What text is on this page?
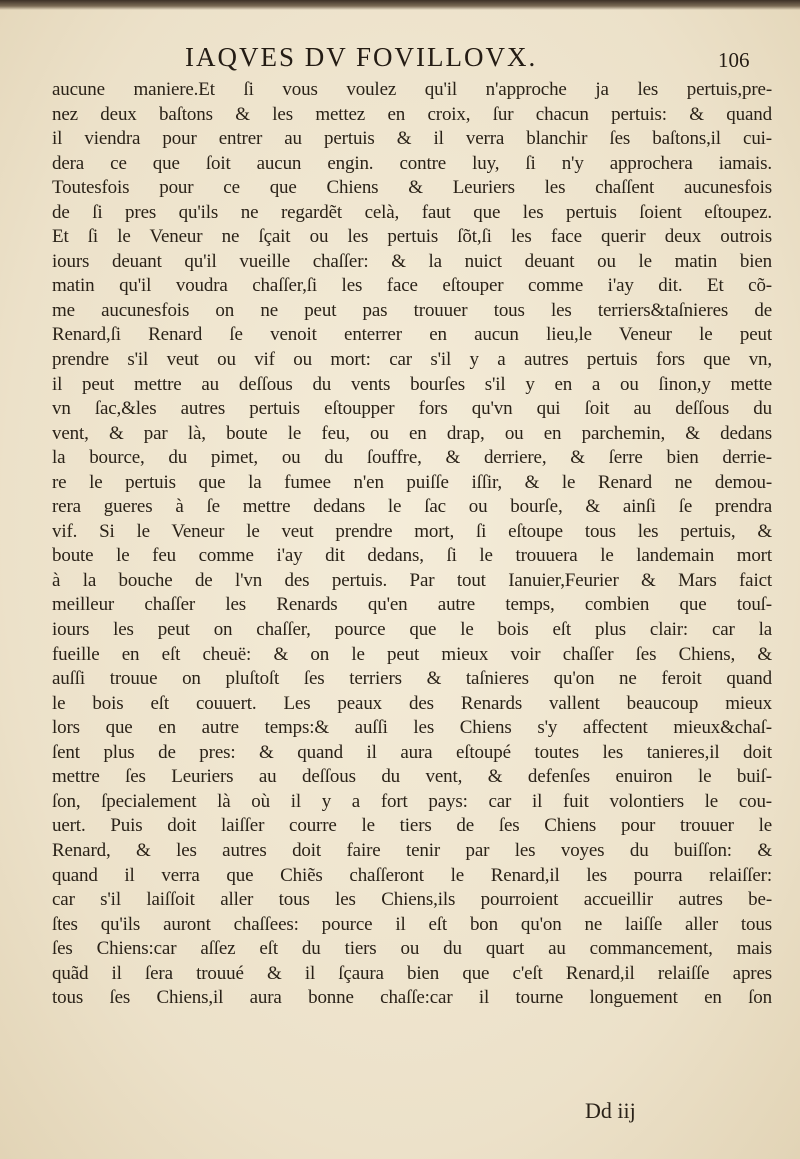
IAQVES DV FOVILLOVX.	106
aucune maniere.Et ſi vous voulez qu'il n'approche ja les pertuis,pre-
nez deux baſtons & les mettez en croix, ſur chacun pertuis: & quand
il viendra pour entrer au pertuis & il verra blanchir ſes baſtons,il cui-
dera ce que ſoit aucun engin. contre luy, ſi n'y approchera iamais.
Toutesfois pour ce que Chiens & Leuriers les chaſſent aucunesfois
de ſi pres qu'ils ne regardẽt celà, faut que les pertuis ſoient eſtoupez.
Et ſi le Veneur ne ſçait ou les pertuis ſõt,ſi les face querir deux outrois
iours deuant qu'il vueille chaſſer: & la nuict deuant ou le matin bien
matin qu'il voudra chaſſer,ſi les face eſtouper comme i'ay dit. Et cõ-
me aucunesfois on ne peut pas trouuer tous les terriers&taſnieres de
Renard,ſi Renard ſe venoit enterrer en aucun lieu,le Veneur le peut
prendre s'il veut ou vif ou mort: car s'il y a autres pertuis fors que vn,
il peut mettre au deſſous du vents bourſes s'il y en a ou ſinon,y mette
vn ſac,&les autres pertuis eſtoupper fors qu'vn qui ſoit au deſſous du
vent, & par là, boute le feu, ou en drap, ou en parchemin, & dedans
la bource, du pimet, ou du ſouffre, & derriere, & ſerre bien derrie-
re le pertuis que la fumee n'en puiſſe iſſir, & le Renard ne demou-
rera gueres à ſe mettre dedans le ſac ou bourſe, & ainſi ſe prendra
vif. Si le Veneur le veut prendre mort, ſi eſtoupe tous les pertuis, &
boute le feu comme i'ay dit dedans, ſi le trouuera le landemain mort
à la bouche de l'vn des pertuis. Par tout Ianuier,Feurier & Mars faict
meilleur chaſſer les Renards qu'en autre temps, combien que touſ-
iours les peut on chaſſer, pource que le bois eſt plus clair: car la
fueille en eſt cheuë: & on le peut mieux voir chaſſer ſes Chiens, &
auſſi trouue on pluſtoſt ſes terriers & taſnieres qu'on ne feroit quand
le bois eſt couuert. Les peaux des Renards vallent beaucoup mieux
lors que en autre temps:& auſſi les Chiens s'y affectent mieux&chaſ-
ſent plus de pres: & quand il aura eſtoupé toutes les tanieres,il doit
mettre ſes Leuriers au deſſous du vent, & defenſes enuiron le buiſ-
ſon, ſpecialement là où il y a fort pays: car il fuit volontiers le cou-
uert. Puis doit laiſſer courre le tiers de ſes Chiens pour trouuer le
Renard, & les autres doit faire tenir par les voyes du buiſſon: &
quand il verra que Chiẽs chaſſeront le Renard,il les pourra relaiſſer:
car s'il laiſſoit aller tous les Chiens,ils pourroient accueillir autres be-
ſtes qu'ils auront chaſſees: pource il eſt bon qu'on ne laiſſe aller tous
ſes Chiens:car aſſez eſt du tiers ou du quart au commancement, mais
quãd il ſera trouué & il ſçaura bien que c'eſt Renard,il relaiſſe apres
tous ſes Chiens,il aura bonne chaſſe:car il tourne longuement en ſon
Dd iij
